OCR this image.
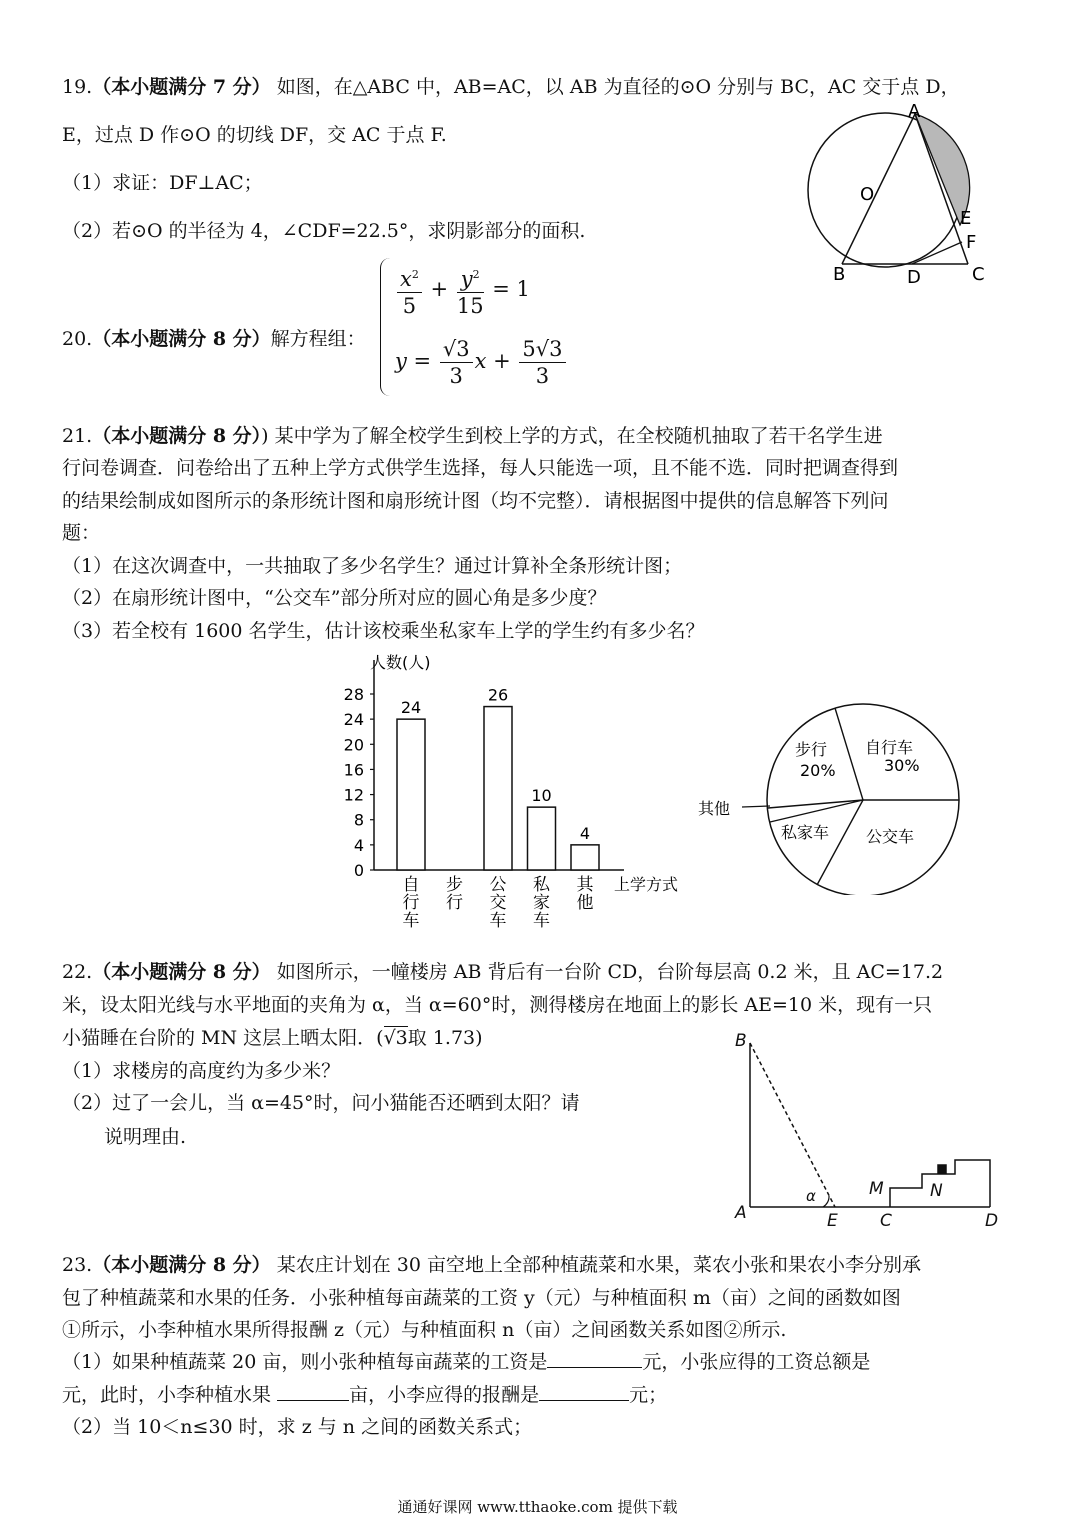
19.（本小题满分 7 分） 如图，在△ABC 中，AB=AC，以 AB 为直径的⊙O 分别与 BC，AC 交于点 D，
E，过点 D 作⊙O 的切线 DF，交 AC 于点 F.
（1）求证：DF⊥AC；
（2）若⊙O 的半径为 4，∠CDF=22.5°，求阴影部分的面积.
A
O
E
F
B	D	C
20.（本小题满分 8 分）解方程组：
$\frac{x^2}{5} + \frac{y^2}{15} = 1$
$y = \frac{√3}{3}$ $x + \frac{5√3}{3}$
21.（本小题满分 8 分）) 某中学为了解全校学生到校上学的方式，在全校随机抽取了若干名学生进
行问卷调查．问卷给出了五种上学方式供学生选择，每人只能选一项，且不能不选．同时把调查得到
的结果绘制成如图所示的条形统计图和扇形统计图（均不完整）．请根据图中提供的信息解答下列问
题：
（1）在这次调查中，一共抽取了多少名学生？通过计算补全条形统计图；
（2）在扇形统计图中，“公交车”部分所对应的圆心角是多少度？
（3）若全校有 1600 名学生，估计该校乘坐私家车上学的学生约有多少名？
人数(人)
上学方式
0
4
8
12
16
20
24
28
24
自
行
车
步
行
26
公
交
车
10
私
家
车
4
其
他
步行
20%
自行车
30%
其他
私家车 公交车
22.（本小题满分 8 分） 如图所示，一幢楼房 AB 背后有一台阶 CD，台阶每层高 0.2 米，且 AC=17.2
米，设太阳光线与水平地面的夹角为 α，当 α=60°时，测得楼房在地面上的影长 AE=10 米，现有一只
小猫睡在台阶的 MN 这层上晒太阳．(√3取 1.73)
（1）求楼房的高度约为多少米？
（2）过了一会儿，当 α=45°时，问小猫能否还晒到太阳？请
说明理由.
B
A	E C	D
M	N
α
23.（本小题满分 8 分） 某农庄计划在 30 亩空地上全部种植蔬菜和水果，菜农小张和果农小李分别承
包了种植蔬菜和水果的任务．小张种植每亩蔬菜的工资 y（元）与种植面积 m（亩）之间的函数如图
①所示，小李种植水果所得报酬 z（元）与种植面积 n（亩）之间函数关系如图②所示.
（1）如果种植蔬菜 20 亩，则小张种植每亩蔬菜的工资是	元，小张应得的工资总额是
元，此时，小李种植水果	亩，小李应得的报酬是	元；
（2）当 10＜n≤30 时，求 z 与 n 之间的函数关系式；
通通好课网 www.tthaoke.com 提供下载
